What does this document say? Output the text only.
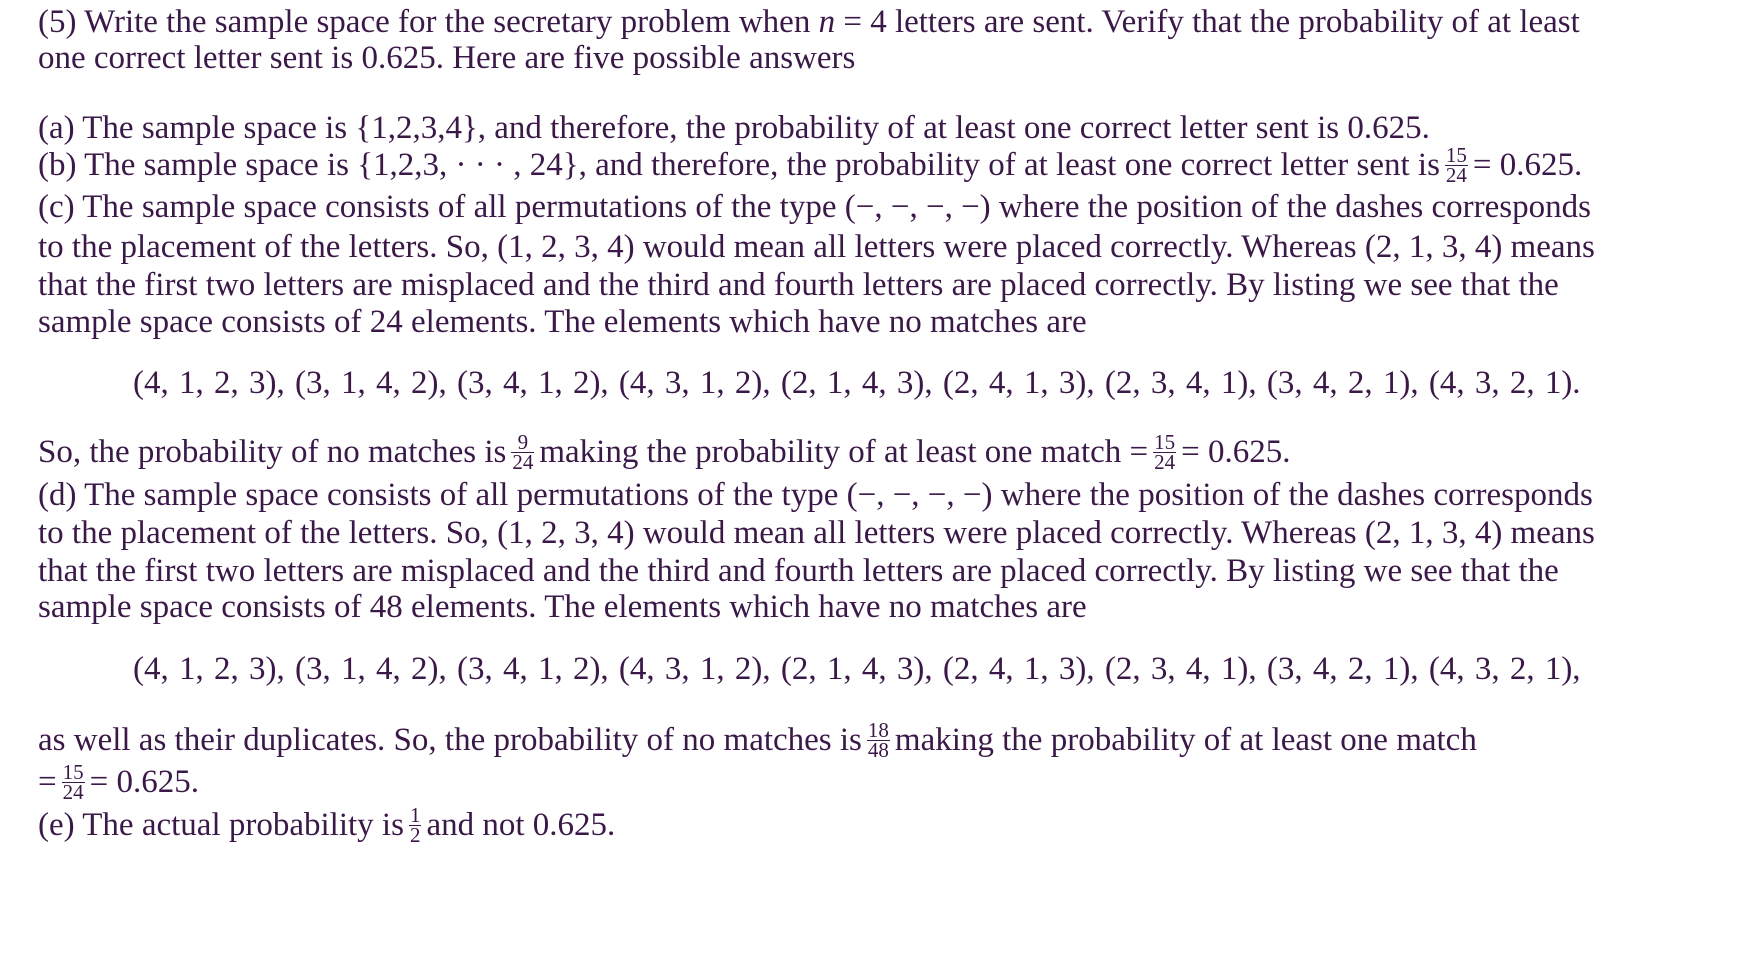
(5) Write the sample space for the secretary problem when n = 4 letters are sent. Verify that the probability of at least
one correct letter sent is 0.625. Here are five possible answers
(a) The sample space is {1,2,3,4}, and therefore, the probability of at least one correct letter sent is 0.625.
(b) The sample space is {1,2,3, · · · , 24}, and therefore, the probability of at least one correct letter sent is $\frac{15}{24} = 0.625$.
(c) The sample space consists of all permutations of the type (−, −, −, −) where the position of the dashes corresponds
to the placement of the letters. So, (1, 2, 3, 4) would mean all letters were placed correctly. Whereas (2, 1, 3, 4) means
that the first two letters are misplaced and the third and fourth letters are placed correctly. By listing we see that the
sample space consists of 24 elements. The elements which have no matches are
(4, 1, 2, 3), (3, 1, 4, 2), (3, 4, 1, 2), (4, 3, 1, 2), (2, 1, 4, 3), (2, 4, 1, 3), (2, 3, 4, 1), (3, 4, 2, 1), (4, 3, 2, 1).
So, the probability of no matches is $\frac{9}{24}$ making the probability of at least one match = $\frac{15}{24} = 0.625$.
(d) The sample space consists of all permutations of the type (−, −, −, −) where the position of the dashes corresponds
to the placement of the letters. So, (1, 2, 3, 4) would mean all letters were placed correctly. Whereas (2, 1, 3, 4) means
that the first two letters are misplaced and the third and fourth letters are placed correctly. By listing we see that the
sample space consists of 48 elements. The elements which have no matches are
(4, 1, 2, 3), (3, 1, 4, 2), (3, 4, 1, 2), (4, 3, 1, 2), (2, 1, 4, 3), (2, 4, 1, 3), (2, 3, 4, 1), (3, 4, 2, 1), (4, 3, 2, 1),
as well as their duplicates. So, the probability of no matches is $\frac{18}{48}$ making the probability of at least one match
= $\frac{15}{24} = 0.625$.
(e) The actual probability is $\frac{1}{2}$ and not 0.625.
